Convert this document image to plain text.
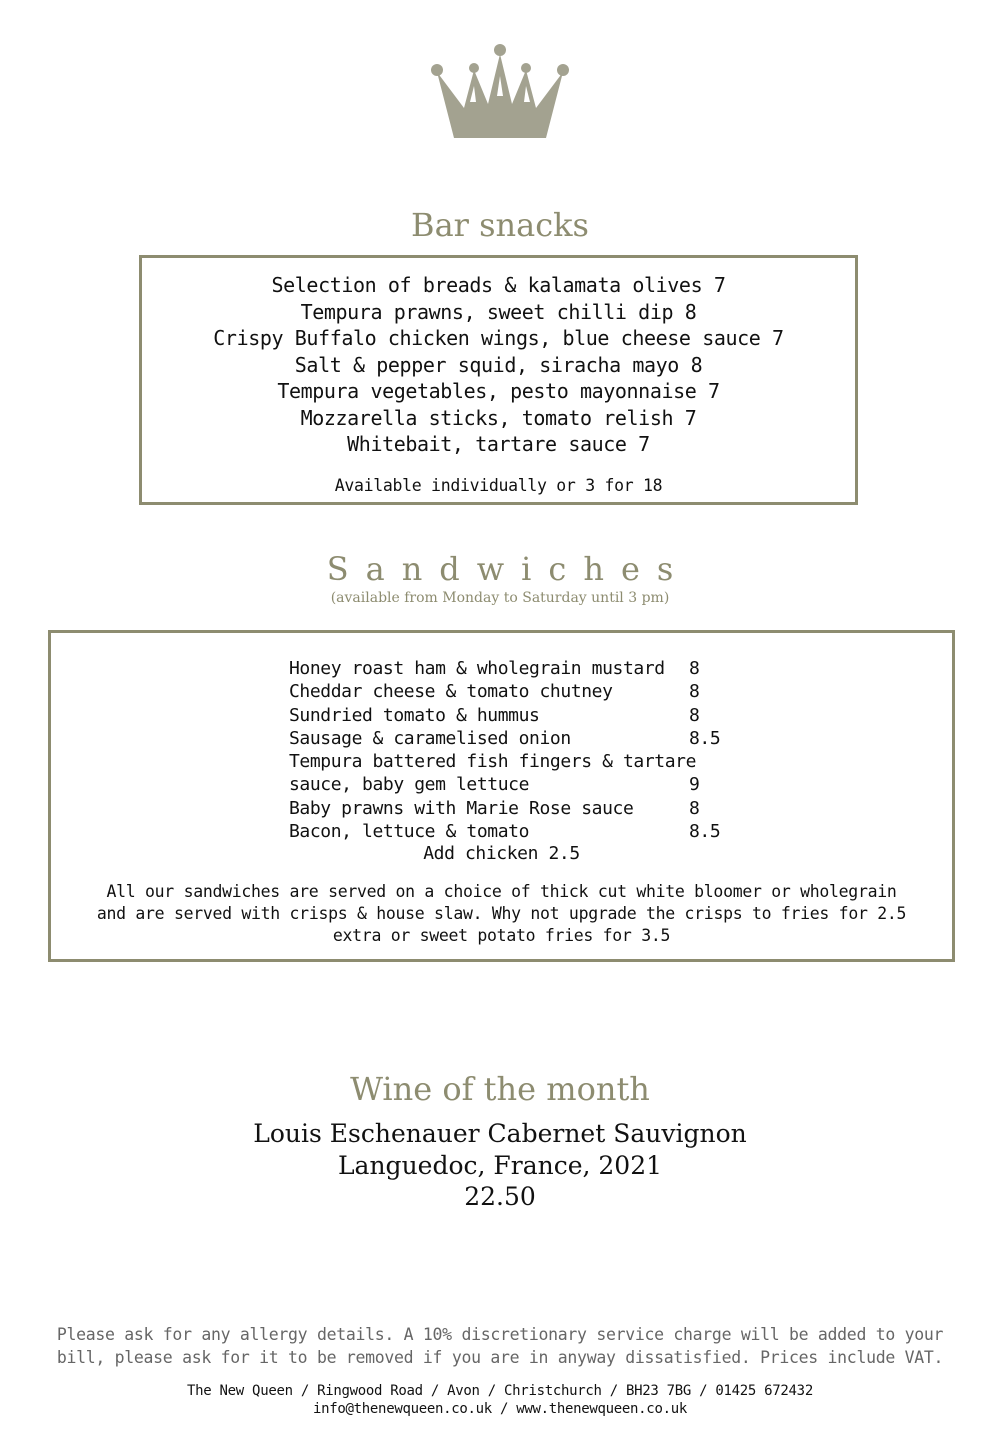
Bar snacks
Selection of breads & kalamata olives 7
Tempura prawns, sweet chilli dip 8
Crispy Buffalo chicken wings, blue cheese sauce 7
Salt & pepper squid, siracha mayo 8
Tempura vegetables, pesto mayonnaise 7
Mozzarella sticks, tomato relish 7
Whitebait, tartare sauce 7
Available individually or 3 for 18
Sandwiches
(available from Monday to Saturday until 3 pm)
Honey roast ham & wholegrain mustard	8
Cheddar cheese & tomato chutney	8
Sundried tomato & hummus	8
Sausage & caramelised onion	8.5
Tempura battered fish fingers & tartare
sauce, baby gem lettuce	9
Baby prawns with Marie Rose sauce	8
Bacon, lettuce & tomato	8.5
Add chicken 2.5
All our sandwiches are served on a choice of thick cut white bloomer or wholegrain and are served with crisps & house slaw. Why not upgrade the crisps to fries for 2.5 extra or sweet potato fries for 3.5
Wine of the month
Louis Eschenauer Cabernet Sauvignon
Languedoc, France, 2021
22.50
Please ask for any allergy details. A 10% discretionary service charge will be added to your bill, please ask for it to be removed if you are in anyway dissatisfied. Prices include VAT.
The New Queen / Ringwood Road / Avon / Christchurch / BH23 7BG / 01425 672432
info@thenewqueen.co.uk / www.thenewqueen.co.uk
